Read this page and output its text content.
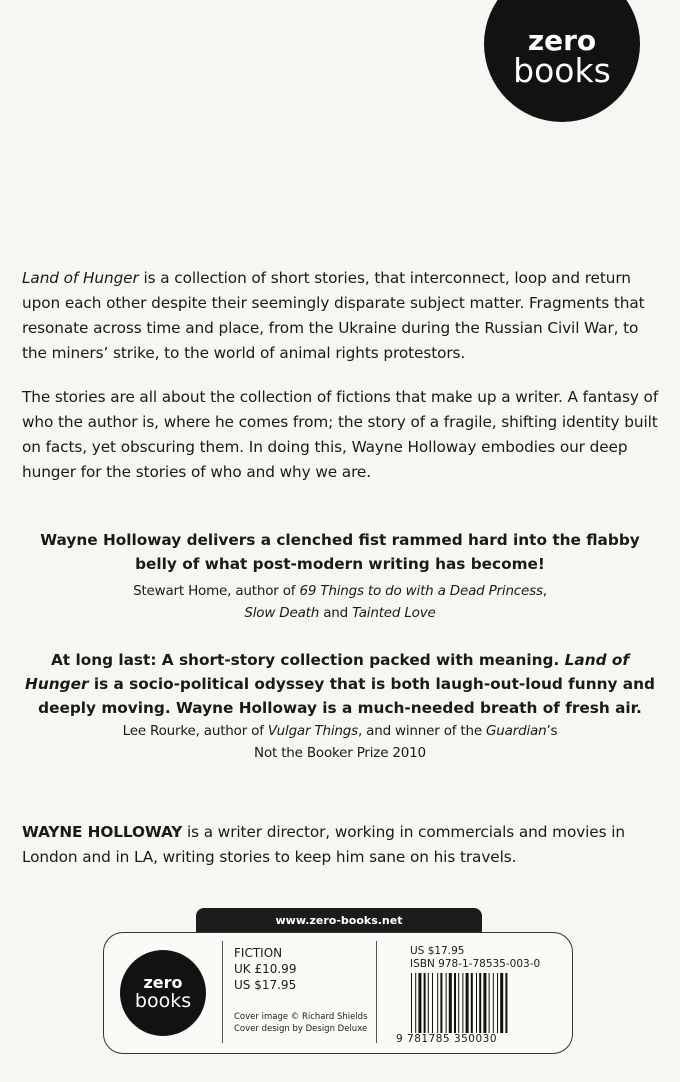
zero
books
Land of Hunger is a collection of short stories, that interconnect, loop and return upon each other despite their seemingly disparate subject matter. Fragments that resonate across time and place, from the Ukraine during the Russian Civil War, to the miners’ strike, to the world of animal rights protestors.
The stories are all about the collection of fictions that make up a writer. A fantasy of who the author is, where he comes from; the story of a fragile, shifting identity built on facts, yet obscuring them. In doing this, Wayne Holloway embodies our deep hunger for the stories of who and why we are.
Wayne Holloway delivers a clenched fist rammed hard into the flabby belly of what post-modern writing has become!
Stewart Home, author of 69 Things to do with a Dead Princess,
Slow Death and Tainted Love
At long last: A short-story collection packed with meaning. Land of Hunger is a socio-political odyssey that is both laugh-out-loud funny and deeply moving. Wayne Holloway is a much-needed breath of fresh air.
Lee Rourke, author of Vulgar Things, and winner of the Guardian’s
Not the Booker Prize 2010
WAYNE HOLLOWAY is a writer director, working in commercials and movies in London and in LA, writing stories to keep him sane on his travels.
www.zero-books.net
zero
books
FICTION
UK £10.99
US $17.95
Cover image © Richard Shields
Cover design by Design Deluxe
US $17.95
ISBN 978-1-78535-003-0
9 781785 350030
